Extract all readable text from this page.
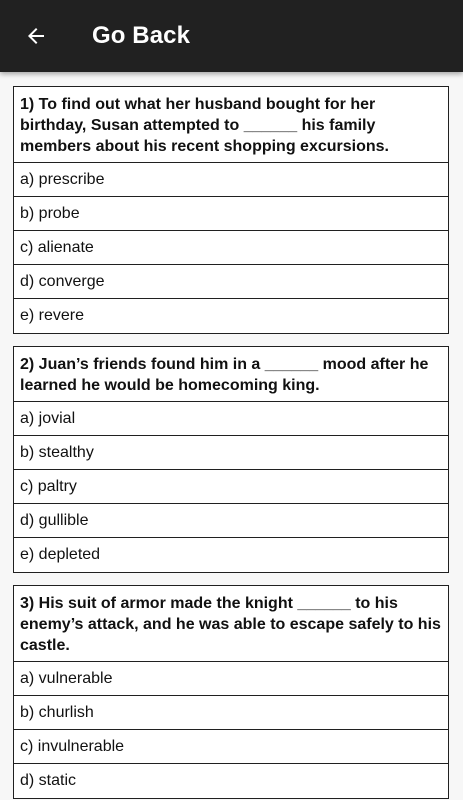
Go Back
1) To find out what her husband bought for her birthday, Susan attempted to ______ his family members about his recent shopping excursions.
a) prescribe
b) probe
c) alienate
d) converge
e) revere
2) Juan’s friends found him in a ______ mood after he learned he would be homecoming king.
a) jovial
b) stealthy
c) paltry
d) gullible
e) depleted
3) His suit of armor made the knight ______ to his enemy’s attack, and he was able to escape safely to his castle.
a) vulnerable
b) churlish
c) invulnerable
d) static
